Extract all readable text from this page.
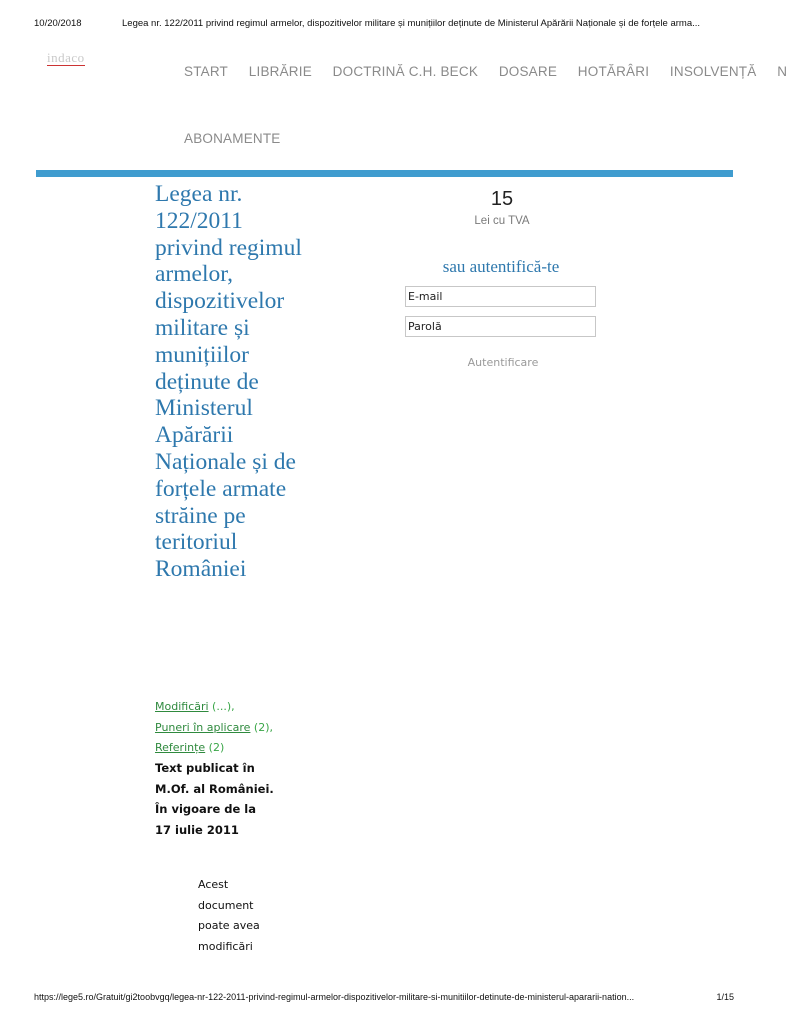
10/20/2018	Legea nr. 122/2011 privind regimul armelor, dispozitivelor militare și munițiilor deținute de Ministerul Apărării Naționale și de forțele arma...
indaco
START LIBRĂRIE DOCTRINĂ C.H. BECK DOSARE HOTĂRÂRI INSOLVENȚĂ N
ABONAMENTE
Legea nr. 122/2011 privind regimul armelor, dispozitivelor militare și munițiilor deținute de Ministerul Apărării Naționale și de forțele armate străine pe teritoriul României
Modificări (...),
Puneri în aplicare (2),
Referințe (2)
Text publicat în M.Of. al României. În vigoare de la 17 iulie 2011
Acest document poate avea modificări
15
Lei cu TVA
sau autentifică-te
E-mail
Parolă
Autentificare
https://lege5.ro/Gratuit/gi2toobvgq/legea-nr-122-2011-privind-regimul-armelor-dispozitivelor-militare-si-munitiilor-detinute-de-ministerul-apararii-nation...	1/15
